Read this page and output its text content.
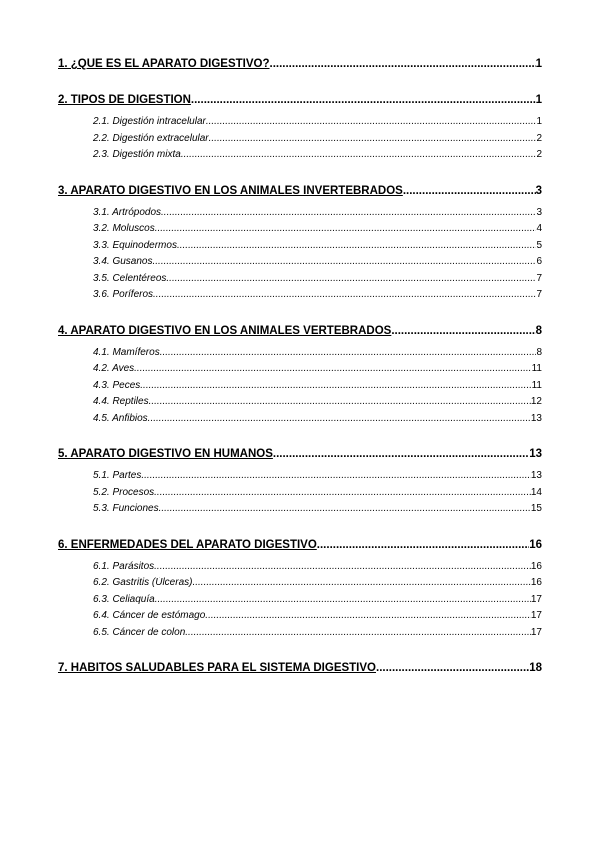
1. ¿QUÉ ES EL APARATO DIGESTIVO? .....	1
2. TIPOS DE DIGESTIÓN .....	1
2.1. Digestión intracelular .....	1
2.2. Digestión extracelular .....	2
2.3. Digestión mixta .....	2
3. APARATO DIGESTIVO EN LOS ANIMALES INVERTEBRADOS .....	3
3.1. Artrópodos .....	3
3.2. Moluscos .....	4
3.3. Equinodermos .....	5
3.4. Gusanos .....	6
3.5. Celentéreos .....	7
3.6. Poríferos .....	7
4. APARATO DIGESTIVO EN LOS ANIMALES VERTEBRADOS .....	8
4.1. Mamíferos .....	8
4.2. Aves. .....	11
4.3. Peces .....	11
4.4. Reptiles .....	12
4.5. Anfibios .....	13
5. APARATO DIGESTIVO EN HUMANOS .....	13
5.1. Partes .....	13
5.2. Procesos. .....	14
5.3. Funciones .....	15
6. ENFERMEDADES DEL APARATO DIGESTIVO .....	16
6.1. Parásitos .....	16
6.2. Gastritis (Úlceras) .....	16
6.3. Celiaquía .....	17
6.4. Cáncer de estómago .....	17
6.5. Cáncer de colon .....	17
7. HÁBITOS SALUDABLES PARA EL SISTEMA DIGESTIVO .....	18
